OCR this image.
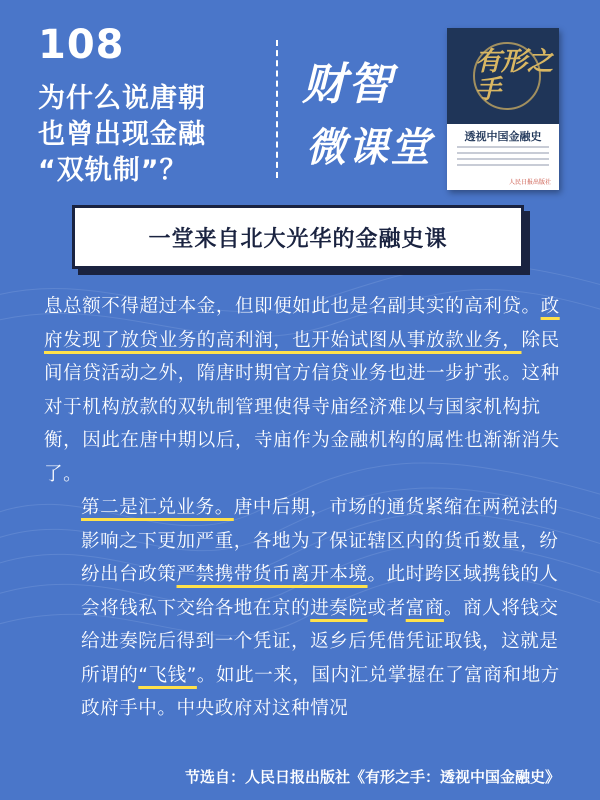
108
为什么说唐朝
也曾出现金融
“双轨制”？
财智
微课堂
有形之手
透视中国金融史
人民日报出版社
一堂来自北大光华的金融史课
息总额不得超过本金，但即便如此也是名副其实的高利贷。政府发现了放贷业务的高利润，也开始试图从事放款业务，除民间信贷活动之外，隋唐时期官方信贷业务也进一步扩张。这种对于机构放款的双轨制管理使得寺庙经济难以与国家机构抗衡，因此在唐中期以后，寺庙作为金融机构的属性也渐渐消失了。
第二是汇兑业务。唐中后期，市场的通货紧缩在两税法的影响之下更加严重，各地为了保证辖区内的货币数量，纷纷出台政策严禁携带货币离开本境。此时跨区域携钱的人会将钱私下交给各地在京的进奏院或者富商。商人将钱交给进奏院后得到一个凭证，返乡后凭借凭证取钱，这就是所谓的“飞钱”。如此一来，国内汇兑掌握在了富商和地方政府手中。中央政府对这种情况
节选自：人民日报出版社《有形之手：透视中国金融史》
